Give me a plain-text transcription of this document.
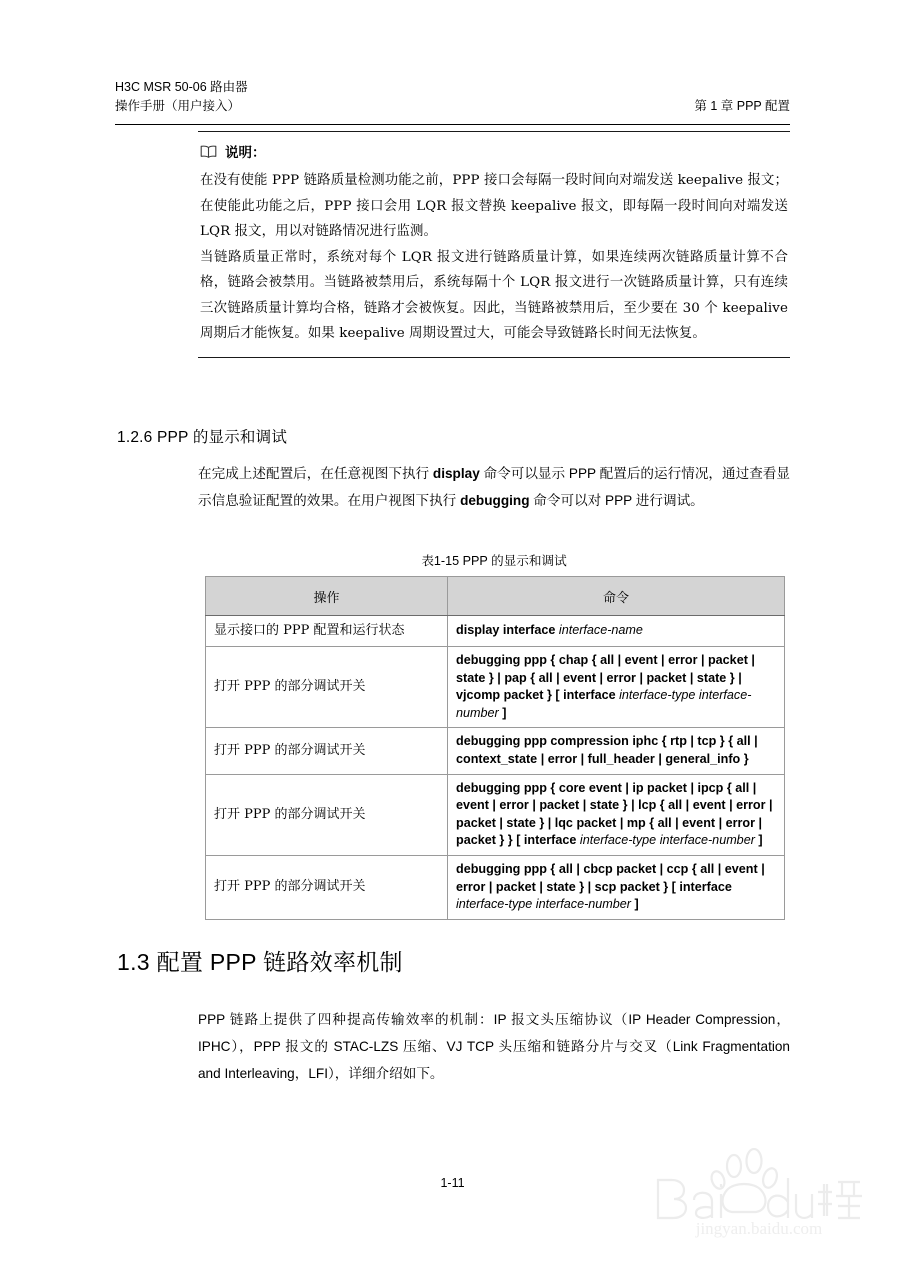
H3C MSR 50-06 路由器
操作手册（用户接入）	第 1 章 PPP 配置
说明：

在没有使能 PPP 链路质量检测功能之前，PPP 接口会每隔一段时间向对端发送 keepalive 报文；在使能此功能之后，PPP 接口会用 LQR 报文替换 keepalive 报文，即每隔一段时间向对端发送 LQR 报文，用以对链路情况进行监测。

当链路质量正常时，系统对每个 LQR 报文进行链路质量计算，如果连续两次链路质量计算不合格，链路会被禁用。当链路被禁用后，系统每隔十个 LQR 报文进行一次链路质量计算，只有连续三次链路质量计算均合格，链路才会被恢复。因此，当链路被禁用后，至少要在 30 个 keepalive 周期后才能恢复。如果 keepalive 周期设置过大，可能会导致链路长时间无法恢复。

1.2.6 PPP 的显示和调试

在完成上述配置后，在任意视图下执行 display 命令可以显示 PPP 配置后的运行情况，通过查看显示信息验证配置的效果。在用户视图下执行 debugging 命令可以对 PPP 进行调试。

表1-15 PPP 的显示和调试
操作	命令
显示接口的 PPP 配置和运行状态	display interface interface-name
打开 PPP 的部分调试开关	debugging ppp { chap { all | event | error | packet | state } | pap { all | event | error | packet | state } | vjcomp packet } [ interface interface-type interface-number ]
打开 PPP 的部分调试开关	debugging ppp compression iphc { rtp | tcp } { all | context_state | error | full_header | general_info }
打开 PPP 的部分调试开关	debugging ppp { core event | ip packet | ipcp { all | event | error | packet | state } | lcp { all | event | error | packet | state } | lqc packet | mp { all | event | error | packet } } [ interface interface-type interface-number ]
打开 PPP 的部分调试开关	debugging ppp { all | cbcp packet | ccp { all | event | error | packet | state } | scp packet } [ interface interface-type interface-number ]
1.3 配置 PPP 链路效率机制

PPP 链路上提供了四种提高传输效率的机制：IP 报文头压缩协议（IP Header Compression，IPHC），PPP 报文的 STAC-LZS 压缩、VJ TCP 头压缩和链路分片与交叉（Link Fragmentation and Interleaving，LFI），详细介绍如下。

1-11
jingyan.baidu.com
